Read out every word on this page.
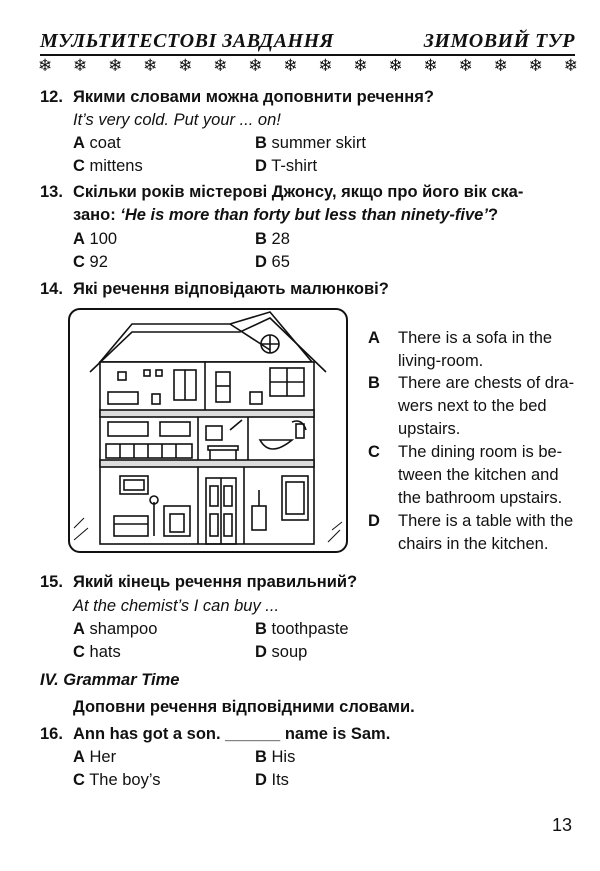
МУЛЬТИТЕСТОВІ ЗАВДАННЯ	ЗИМОВИЙ ТУР
❄ ❄ ❄ ❄ ❄ ❄ ❄ ❄ ❄ ❄ ❄ ❄ ❄ ❄ ❄ ❄
12. Якими словами можна доповнити речення?
It’s very cold. Put your ... on!
A coat	B summer skirt
C mittens	D T-shirt
13. Скільки років містерові Джонсу, якщо про його вік ска-
зано: ‘He is more than forty but less than ninety-five’?
A 100	B 28
C 92	D 65
14. Які речення відповідають малюнкові?
A There is a sofa in the
living-room.
B There are chests of dra-
wers next to the bed
upstairs.
C The dining room is be-
tween the kitchen and
the bathroom upstairs.
D There is a table with the
chairs in the kitchen.
15. Який кінець речення правильний?
At the chemist’s I can buy ...
A shampoo	B toothpaste
C hats	D soup
IV. Grammar Time
Доповни речення відповідними словами.
16. Ann has got a son. ______ name is Sam.
A Her	B His
C The boy’s	D Its
13
